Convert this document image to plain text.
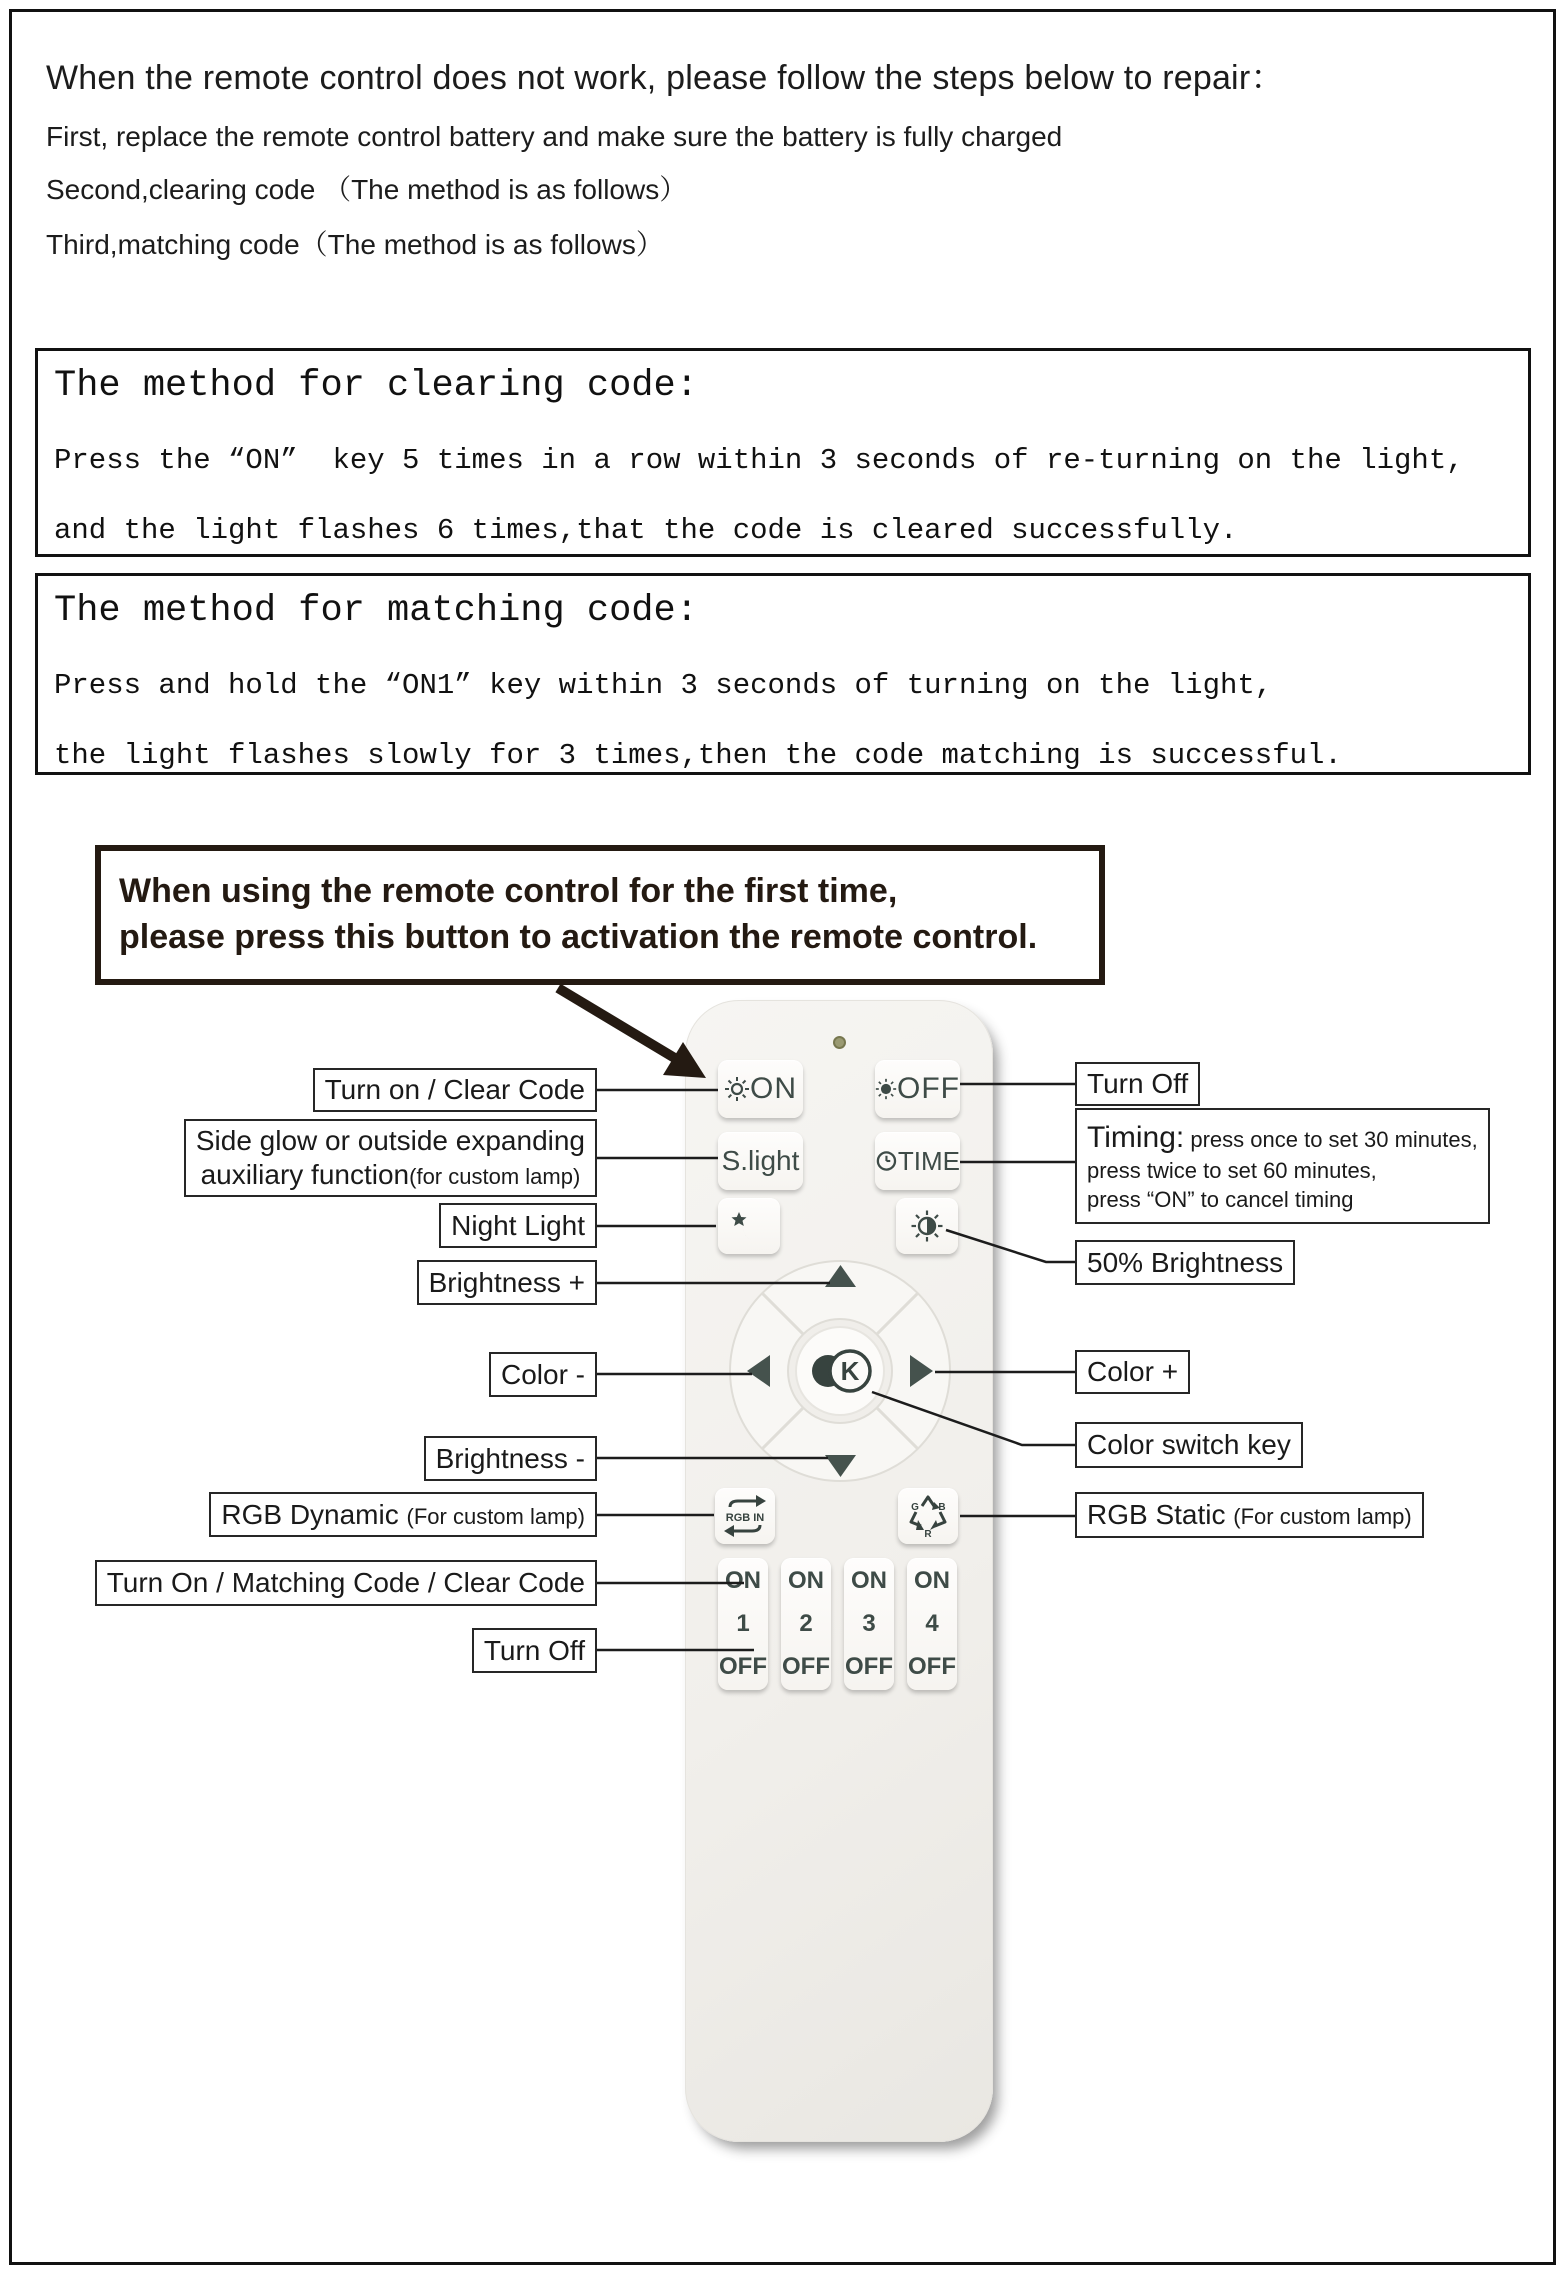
When the remote control does not work, please follow the steps below to repair：
First, replace the remote control battery and make sure the battery is fully charged
Second,clearing code （The method is as follows）
Third,matching code（The method is as follows）
The method for clearing code:
Press the “ON”  key 5 times in a row within 3 seconds of re-turning on the light,
and the light flashes 6 times,that the code is cleared successfully.
The method for matching code:
Press and hold the “ON1” key within 3 seconds of turning on the light,
the light flashes slowly for 3 times,then the code matching is successful.
When using the remote control for the first time,
please press this button to activation the remote control.
ON	OFF
S.light	TIME
K
RGB IN
G B
R
ON
1
OFF
ON
2
OFF
ON
3
OFF
ON
4
OFF
Turn on / Clear Code
Side glow or outside expanding
auxiliary function(for custom lamp)
Night Light
Brightness +
Color -
Brightness -
RGB Dynamic (For custom lamp)
Turn On / Matching Code / Clear Code
Turn Off
Turn Off
Timing: press once to set 30 minutes,
press twice to set 60 minutes,
press “ON” to cancel timing
50% Brightness
Color +
Color switch key
RGB Static (For custom lamp)
